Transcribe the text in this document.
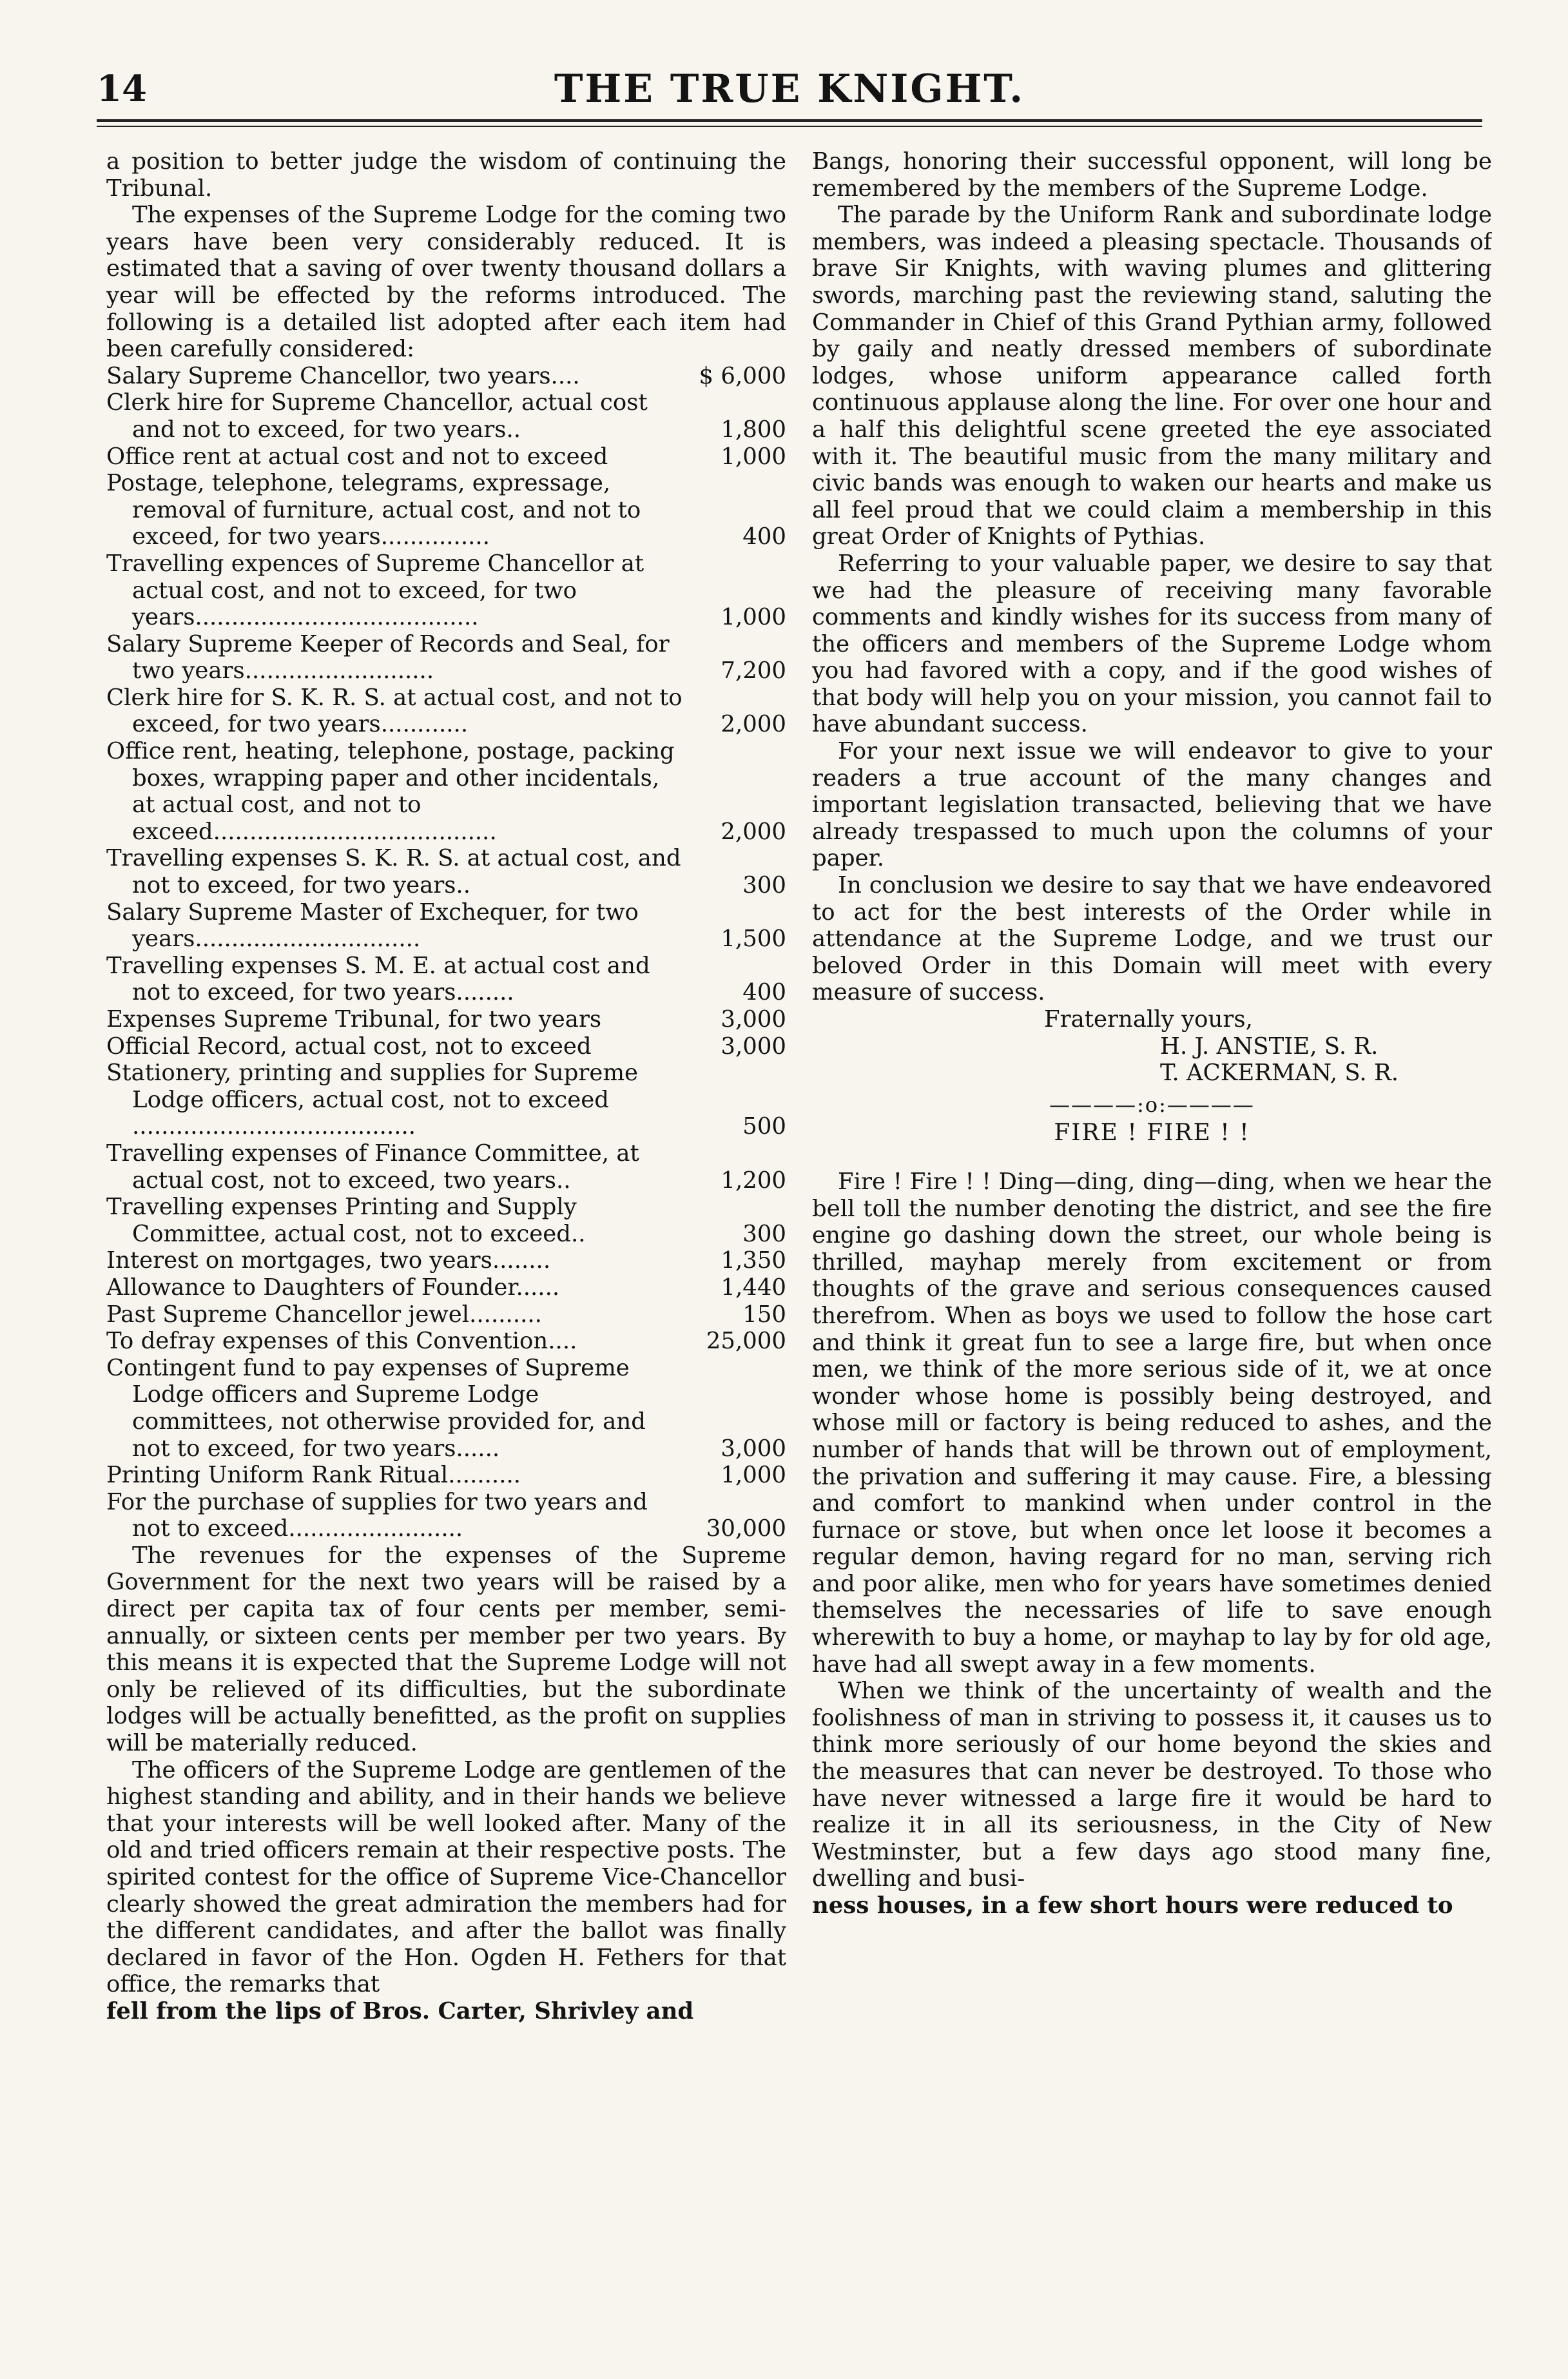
14	THE TRUE KNIGHT.

a position to better judge the wisdom of continuing the Tribunal.

The expenses of the Supreme Lodge for the coming two years have been very considerably reduced. It is estimated that a saving of over twenty thousand dollars a year will be effected by the reforms introduced. The following is a detailed list adopted after each item had been carefully considered:

Salary Supreme Chancellor, two years....	$ 6,000
Clerk hire for Supreme Chancellor, actual cost and not to exceed, for two years..	1,800
Office rent at actual cost and not to exceed	1,000
Postage, telephone, telegrams, expressage, removal of furniture, actual cost, and not to exceed, for two years...............	400
Travelling expences of Supreme Chancellor at actual cost, and not to exceed, for two years.......................................	1,000
Salary Supreme Keeper of Records and Seal, for two years..........................	7,200
Clerk hire for S. K. R. S. at actual cost, and not to exceed, for two years............	2,000
Office rent, heating, telephone, postage, packing boxes, wrapping paper and other incidentals, at actual cost, and not to exceed.......................................	2,000
Travelling expenses S. K. R. S. at actual cost, and not to exceed, for two years..	300
Salary Supreme Master of Exchequer, for two years...............................	1,500
Travelling expenses S. M. E. at actual cost and not to exceed, for two years........	400
Expenses Supreme Tribunal, for two years	3,000
Official Record, actual cost, not to exceed	3,000
Stationery, printing and supplies for Supreme Lodge officers, actual cost, not to exceed .......................................	500
Travelling expenses of Finance Committee, at actual cost, not to exceed, two years..	1,200
Travelling expenses Printing and Supply Committee, actual cost, not to exceed..	300
Interest on mortgages, two years........	1,350
Allowance to Daughters of Founder......	1,440
Past Supreme Chancellor jewel..........	150
To defray expenses of this Convention....	25,000
Contingent fund to pay expenses of Supreme Lodge officers and Supreme Lodge committees, not otherwise provided for, and not to exceed, for two years......	3,000
Printing Uniform Rank Ritual..........	1,000
For the purchase of supplies for two years and not to exceed........................	30,000

The revenues for the expenses of the Supreme Government for the next two years will be raised by a direct per capita tax of four cents per member, semi-annually, or sixteen cents per member per two years. By this means it is expected that the Supreme Lodge will not only be relieved of its difficulties, but the subordinate lodges will be actually benefitted, as the profit on supplies will be materially reduced.

The officers of the Supreme Lodge are gentlemen of the highest standing and ability, and in their hands we believe that your interests will be well looked after. Many of the old and tried officers remain at their respective posts. The spirited contest for the office of Supreme Vice-Chancellor clearly showed the great admiration the members had for the different candidates, and after the ballot was finally declared in favor of the Hon. Ogden H. Fethers for that office, the remarks that

fell from the lips of Bros. Carter, Shrivley and

Bangs, honoring their successful opponent, will long be remembered by the members of the Supreme Lodge.

The parade by the Uniform Rank and subordinate lodge members, was indeed a pleasing spectacle. Thousands of brave Sir Knights, with waving plumes and glittering swords, marching past the reviewing stand, saluting the Commander in Chief of this Grand Pythian army, followed by gaily and neatly dressed members of subordinate lodges, whose uniform appearance called forth continuous applause along the line. For over one hour and a half this delightful scene greeted the eye associated with it. The beautiful music from the many military and civic bands was enough to waken our hearts and make us all feel proud that we could claim a membership in this great Order of Knights of Pythias.

Referring to your valuable paper, we desire to say that we had the pleasure of receiving many favorable comments and kindly wishes for its success from many of the officers and members of the Supreme Lodge whom you had favored with a copy, and if the good wishes of that body will help you on your mission, you cannot fail to have abundant success.

For your next issue we will endeavor to give to your readers a true account of the many changes and important legislation transacted, believing that we have already trespassed to much upon the columns of your paper.

In conclusion we desire to say that we have endeavored to act for the best interests of the Order while in attendance at the Supreme Lodge, and we trust our beloved Order in this Domain will meet with every measure of success.

Fraternally yours,
H. J. ANSTIE, S. R.
T. ACKERMAN, S. R.
————:o:————
FIRE ! FIRE ! !

Fire ! Fire ! ! Ding—ding, ding—ding, when we hear the bell toll the number denoting the district, and see the fire engine go dashing down the street, our whole being is thrilled, mayhap merely from excitement or from thoughts of the grave and serious consequences caused therefrom. When as boys we used to follow the hose cart and think it great fun to see a large fire, but when once men, we think of the more serious side of it, we at once wonder whose home is possibly being destroyed, and whose mill or factory is being reduced to ashes, and the number of hands that will be thrown out of employment, the privation and suffering it may cause. Fire, a blessing and comfort to mankind when under control in the furnace or stove, but when once let loose it becomes a regular demon, having regard for no man, serving rich and poor alike, men who for years have sometimes denied themselves the necessaries of life to save enough wherewith to buy a home, or mayhap to lay by for old age, have had all swept away in a few moments.

When we think of the uncertainty of wealth and the foolishness of man in striving to possess it, it causes us to think more seriously of our home beyond the skies and the measures that can never be destroyed. To those who have never witnessed a large fire it would be hard to realize it in all its seriousness, in the City of New Westminster, but a few days ago stood many fine, dwelling and busi-

ness houses, in a few short hours were reduced to
